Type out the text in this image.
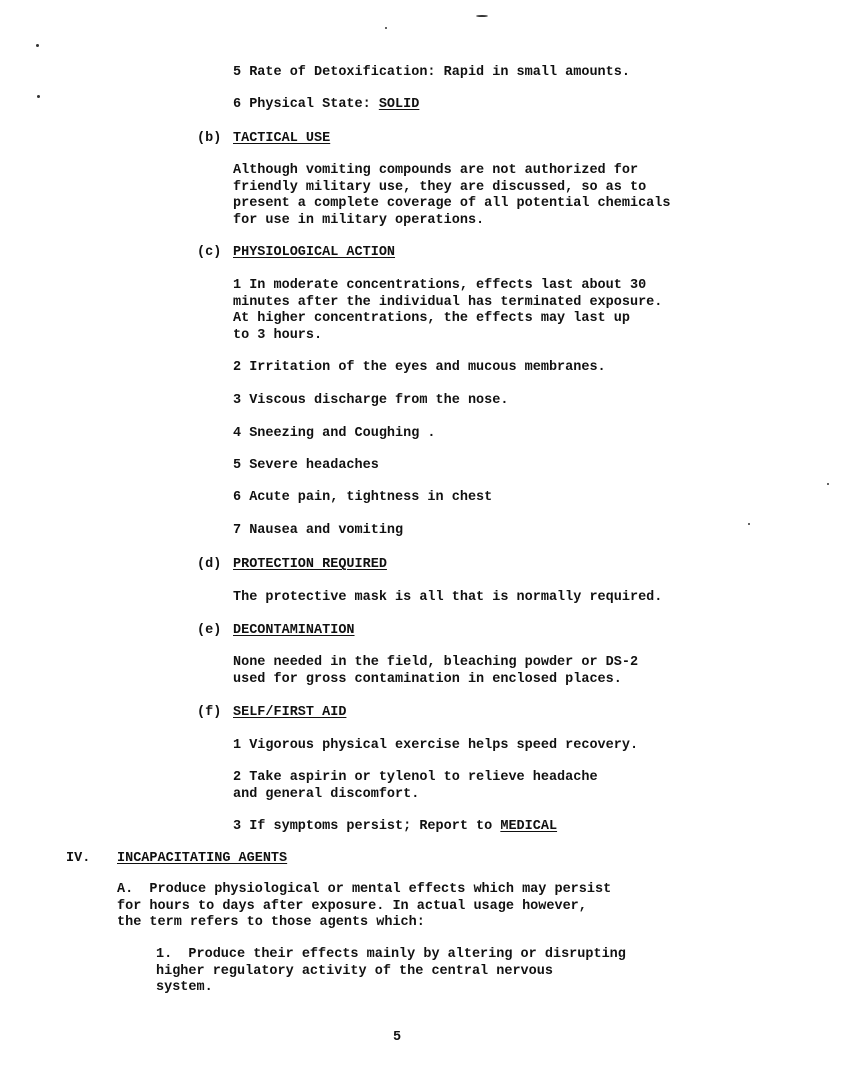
5 Rate of Detoxification: Rapid in small amounts.
6 Physical State: SOLID
(b) TACTICAL USE
Although vomiting compounds are not authorized for
friendly military use, they are discussed, so as to
present a complete coverage of all potential chemicals
for use in military operations.
(c) PHYSIOLOGICAL ACTION
1 In moderate concentrations, effects last about 30
minutes after the individual has terminated exposure.
At higher concentrations, the effects may last up
to 3 hours.
2 Irritation of the eyes and mucous membranes.
3 Viscous discharge from the nose.
4 Sneezing and Coughing .
5 Severe headaches
6 Acute pain, tightness in chest
7 Nausea and vomiting
(d) PROTECTION REQUIRED
The protective mask is all that is normally required.
(e) DECONTAMINATION
None needed in the field, bleaching powder or DS-2
used for gross contamination in enclosed places.
(f) SELF/FIRST AID
1 Vigorous physical exercise helps speed recovery.
2 Take aspirin or tylenol to relieve headache
and general discomfort.
3 If symptoms persist; Report to MEDICAL
IV. INCAPACITATING AGENTS
A.  Produce physiological or mental effects which may persist
for hours to days after exposure. In actual usage however,
the term refers to those agents which:
1.  Produce their effects mainly by altering or disrupting
higher regulatory activity of the central nervous
system.
5
